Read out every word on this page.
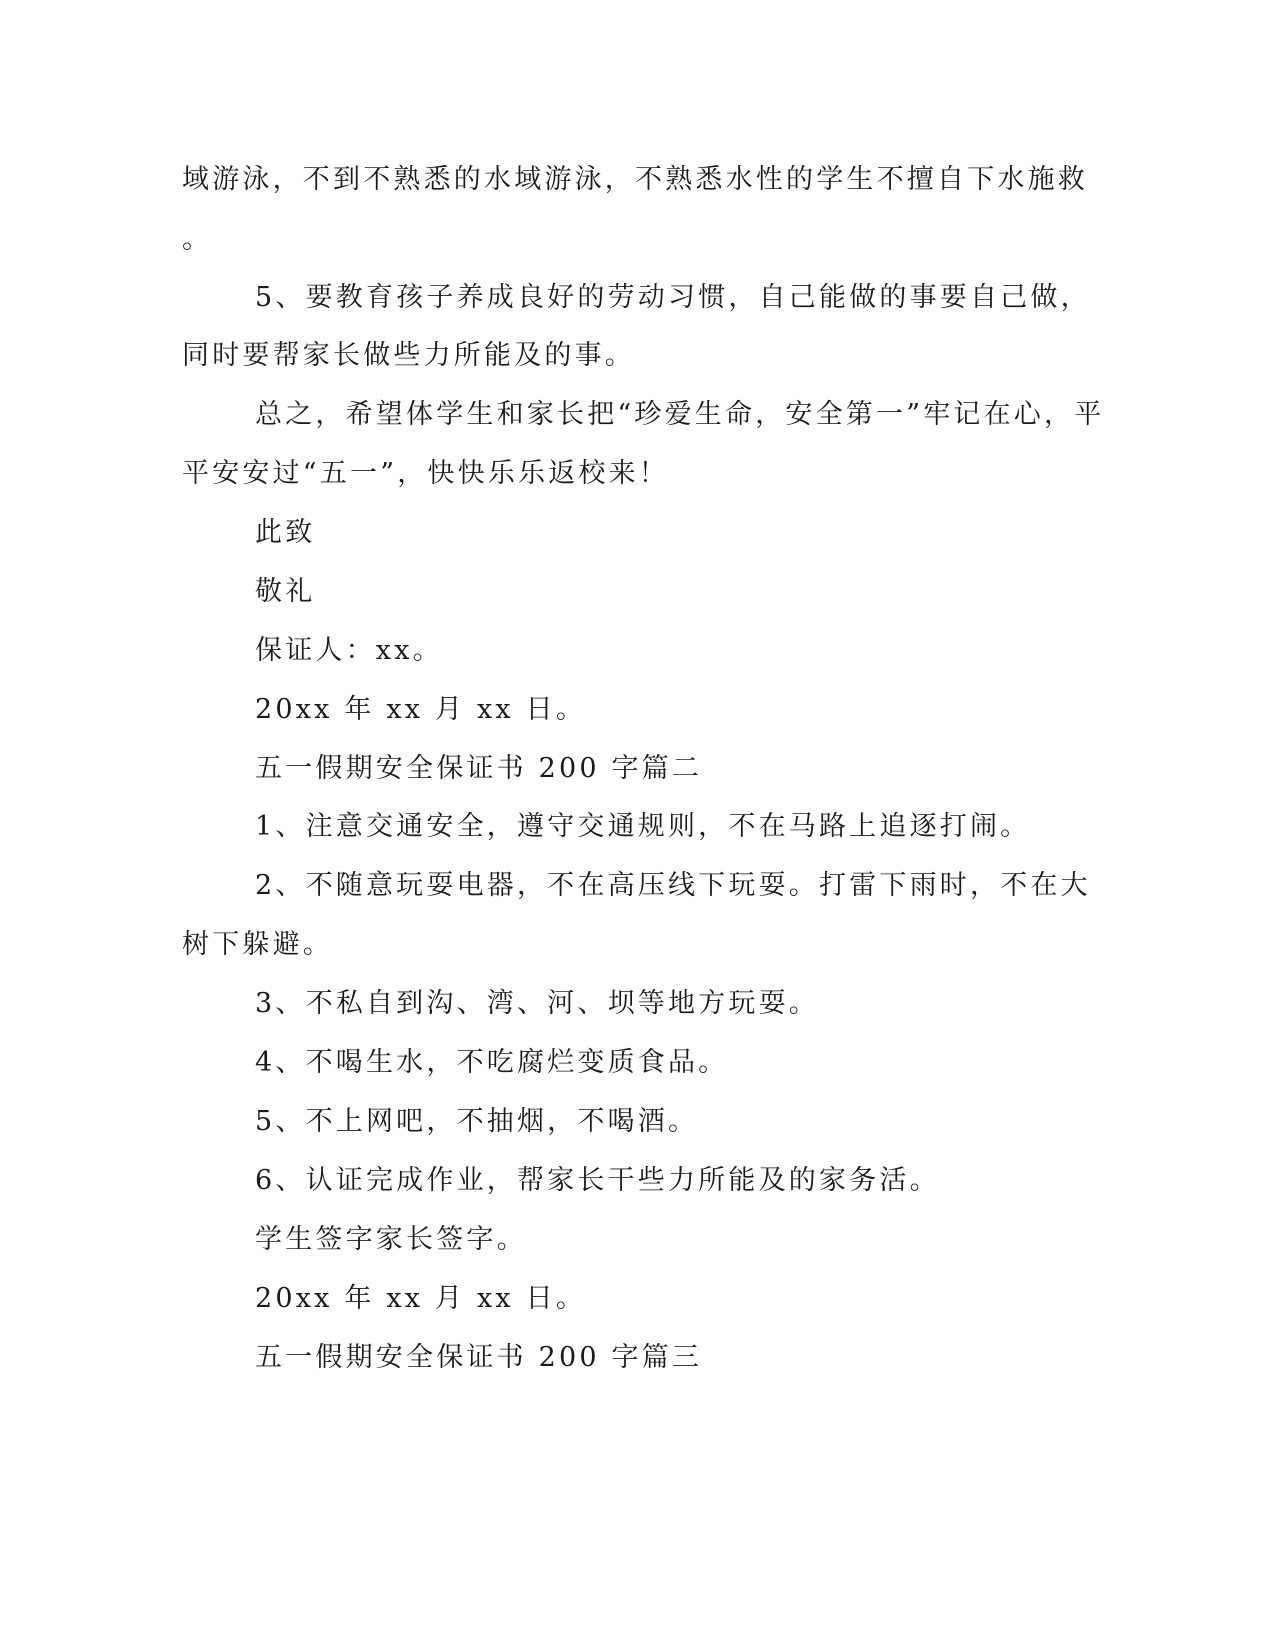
域游泳，不到不熟悉的水域游泳，不熟悉水性的学生不擅自下水施救
。
5、要教育孩子养成良好的劳动习惯，自己能做的事要自己做，
同时要帮家长做些力所能及的事。
总之，希望体学生和家长把“珍爱生命，安全第一”牢记在心，平
平安安过“五一”，快快乐乐返校来！
此致
敬礼
保证人：xx。
20xx 年 xx 月 xx 日。
五一假期安全保证书 200 字篇二
1、注意交通安全，遵守交通规则，不在马路上追逐打闹。
2、不随意玩耍电器，不在高压线下玩耍。打雷下雨时，不在大
树下躲避。
3、不私自到沟、湾、河、坝等地方玩耍。
4、不喝生水，不吃腐烂变质食品。
5、不上网吧，不抽烟，不喝酒。
6、认证完成作业，帮家长干些力所能及的家务活。
学生签字家长签字。
20xx 年 xx 月 xx 日。
五一假期安全保证书 200 字篇三
